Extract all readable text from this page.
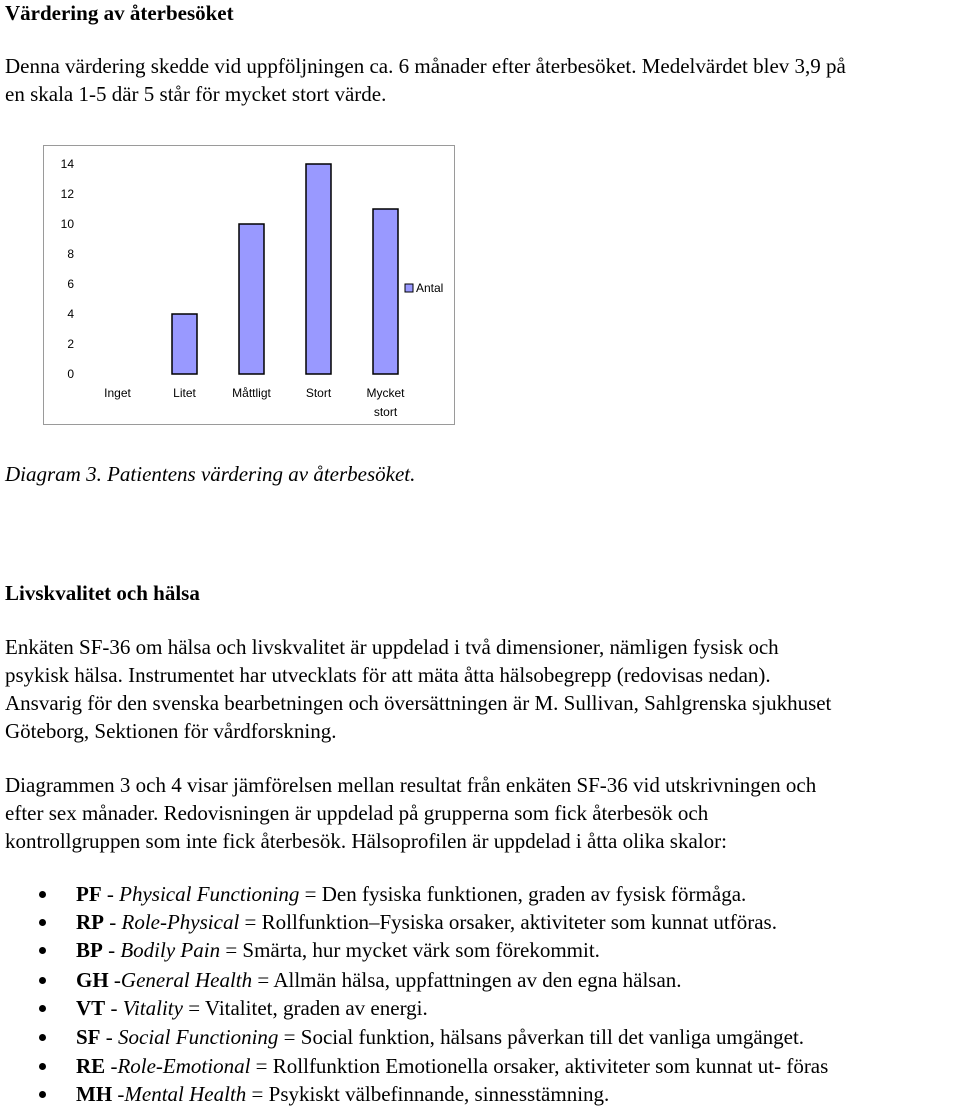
Värdering av återbesöket
Denna värdering skedde vid uppföljningen ca. 6 månader efter återbesöket. Medelvärdet blev 3,9 på
en skala 1-5 där 5 står för mycket stort värde.
0
2
4
6
8
10
12
14
Inget	Litet	Måttligt	Stort	Mycket
stort
Antal
Diagram 3. Patientens värdering av återbesöket.
Livskvalitet och hälsa
Enkäten SF-36 om hälsa och livskvalitet är uppdelad i två dimensioner, nämligen fysisk och
psykisk hälsa. Instrumentet har utvecklats för att mäta åtta hälsobegrepp (redovisas nedan).
Ansvarig för den svenska bearbetningen och översättningen är M. Sullivan, Sahlgrenska sjukhuset
Göteborg, Sektionen för vårdforskning.
Diagrammen 3 och 4 visar jämförelsen mellan resultat från enkäten SF-36 vid utskrivningen och
efter sex månader. Redovisningen är uppdelad på grupperna som fick återbesök och
kontrollgruppen som inte fick återbesök. Hälsoprofilen är uppdelad i åtta olika skalor:
PF - Physical Functioning = Den fysiska funktionen, graden av fysisk förmåga.
RP - Role-Physical = Rollfunktion–Fysiska orsaker, aktiviteter som kunnat utföras.
BP - Bodily Pain = Smärta, hur mycket värk som förekommit.
GH -General Health = Allmän hälsa, uppfattningen av den egna hälsan.
VT - Vitality = Vitalitet, graden av energi.
SF - Social Functioning = Social funktion, hälsans påverkan till det vanliga umgänget.
RE -Role-Emotional = Rollfunktion Emotionella orsaker, aktiviteter som kunnat ut- föras
MH -Mental Health = Psykiskt välbefinnande, sinnesstämning.
